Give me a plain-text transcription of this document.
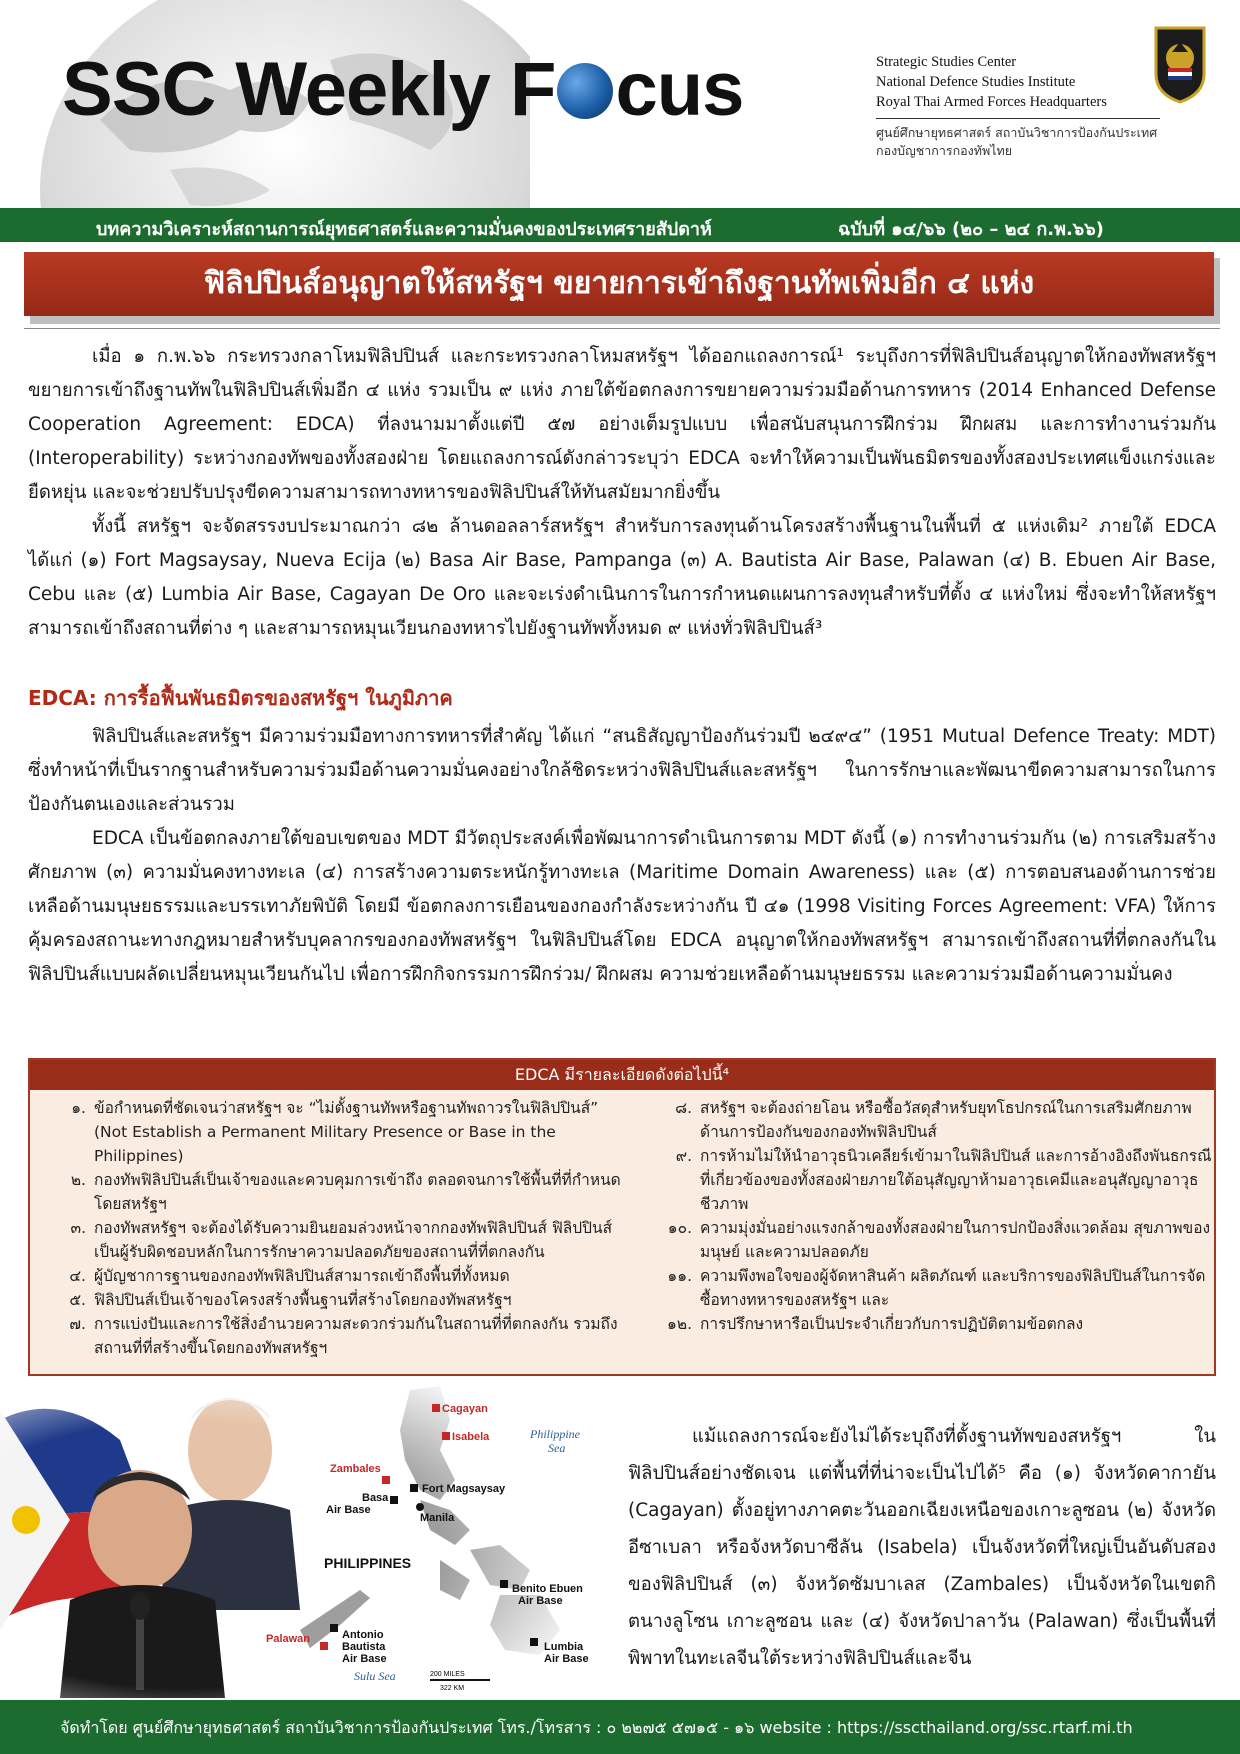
SSC Weekly F cus	Strategic Studies Center
National Defence Studies Institute
Royal Thai Armed Forces Headquarters
ศูนย์ศึกษายุทธศาสตร์ สถาบันวิชาการป้องกันประเทศ
กองบัญชาการกองทัพไทย
บทความวิเคราะห์สถานการณ์ยุทธศาสตร์และความมั่นคงของประเทศรายสัปดาห์	ฉบับที่ ๑๔/๖๖ (๒๐ – ๒๔ ก.พ.๖๖)
ฟิลิปปินส์อนุญาตให้สหรัฐฯ ขยายการเข้าถึงฐานทัพเพิ่มอีก ๔ แห่ง
เมื่อ ๑ ก.พ.๖๖ กระทรวงกลาโหมฟิลิปปินส์ และกระทรวงกลาโหมสหรัฐฯ ได้ออกแถลงการณ์¹ ระบุถึงการที่ฟิลิปปินส์อนุญาตให้กองทัพสหรัฐฯ ขยายการเข้าถึงฐานทัพในฟิลิปปินส์เพิ่มอีก ๔ แห่ง รวมเป็น ๙ แห่ง ภายใต้ข้อตกลงการขยายความร่วมมือด้านการทหาร (2014 Enhanced Defense Cooperation Agreement: EDCA) ที่ลงนามมาตั้งแต่ปี ๕๗ อย่างเต็มรูปแบบ เพื่อสนับสนุนการฝึกร่วม ฝึกผสม และการทำงานร่วมกัน (Interoperability) ระหว่างกองทัพของทั้งสองฝ่าย โดยแถลงการณ์ดังกล่าวระบุว่า EDCA จะทำให้ความเป็นพันธมิตรของทั้งสองประเทศแข็งแกร่งและยืดหยุ่น และจะช่วยปรับปรุงขีดความสามารถทางทหารของฟิลิปปินส์ให้ทันสมัยมากยิ่งขึ้น
ทั้งนี้ สหรัฐฯ จะจัดสรรงบประมาณกว่า ๘๒ ล้านดอลลาร์สหรัฐฯ สำหรับการลงทุนด้านโครงสร้างพื้นฐานในพื้นที่ ๕ แห่งเดิม² ภายใต้ EDCA ได้แก่ (๑) Fort Magsaysay, Nueva Ecija (๒) Basa Air Base, Pampanga (๓) A. Bautista Air Base, Palawan (๔) B. Ebuen Air Base, Cebu และ (๕) Lumbia Air Base, Cagayan De Oro และจะเร่งดำเนินการในการกำหนดแผนการลงทุนสำหรับที่ตั้ง ๔ แห่งใหม่ ซึ่งจะทำให้สหรัฐฯ สามารถเข้าถึงสถานที่ต่าง ๆ และสามารถหมุนเวียนกองทหารไปยังฐานทัพทั้งหมด ๙ แห่งทั่วฟิลิปปินส์³
EDCA: การรื้อฟื้นพันธมิตรของสหรัฐฯ ในภูมิภาค
ฟิลิปปินส์และสหรัฐฯ มีความร่วมมือทางการทหารที่สำคัญ ได้แก่ “สนธิสัญญาป้องกันร่วมปี ๒๔๙๔” (1951 Mutual Defence Treaty: MDT) ซึ่งทำหน้าที่เป็นรากฐานสำหรับความร่วมมือด้านความมั่นคงอย่างใกล้ชิดระหว่างฟิลิปปินส์และสหรัฐฯ ในการรักษาและพัฒนาขีดความสามารถในการป้องกันตนเองและส่วนรวม
EDCA เป็นข้อตกลงภายใต้ขอบเขตของ MDT มีวัตถุประสงค์เพื่อพัฒนาการดำเนินการตาม MDT ดังนี้ (๑) การทำงานร่วมกัน (๒) การเสริมสร้างศักยภาพ (๓) ความมั่นคงทางทะเล (๔) การสร้างความตระหนักรู้ทางทะเล (Maritime Domain Awareness) และ (๕) การตอบสนองด้านการช่วยเหลือด้านมนุษยธรรมและบรรเทาภัยพิบัติ โดยมี ข้อตกลงการเยือนของกองกำลังระหว่างกัน ปี ๔๑ (1998 Visiting Forces Agreement: VFA) ให้การคุ้มครองสถานะทางกฎหมายสำหรับบุคลากรของกองทัพสหรัฐฯ ในฟิลิปปินส์โดย EDCA อนุญาตให้กองทัพสหรัฐฯ สามารถเข้าถึงสถานที่ที่ตกลงกันในฟิลิปปินส์แบบผลัดเปลี่ยนหมุนเวียนกันไป เพื่อการฝึกกิจกรรมการฝึกร่วม/ ฝึกผสม ความช่วยเหลือด้านมนุษยธรรม และความร่วมมือด้านความมั่นคง
EDCA มีรายละเอียดดังต่อไปนี้⁴
๑. ข้อกำหนดที่ชัดเจนว่าสหรัฐฯ จะ “ไม่ตั้งฐานทัพหรือฐานทัพถาวรในฟิลิปปินส์” (Not Establish a Permanent Military Presence or Base in the Philippines)
๒. กองทัพฟิลิปปินส์เป็นเจ้าของและควบคุมการเข้าถึง ตลอดจนการใช้พื้นที่ที่กำหนดโดยสหรัฐฯ
๓. กองทัพสหรัฐฯ จะต้องได้รับความยินยอมล่วงหน้าจากกองทัพฟิลิปปินส์ ฟิลิปปินส์เป็นผู้รับผิดชอบหลักในการรักษาความปลอดภัยของสถานที่ที่ตกลงกัน
๔. ผู้บัญชาการฐานของกองทัพฟิลิปปินส์สามารถเข้าถึงพื้นที่ทั้งหมด
๕. ฟิลิปปินส์เป็นเจ้าของโครงสร้างพื้นฐานที่สร้างโดยกองทัพสหรัฐฯ
๗. การแบ่งปันและการใช้สิ่งอำนวยความสะดวกร่วมกันในสถานที่ที่ตกลงกัน รวมถึงสถานที่ที่สร้างขึ้นโดยกองทัพสหรัฐฯ
๘. สหรัฐฯ จะต้องถ่ายโอน หรือซื้อวัสดุสำหรับยุทโธปกรณ์ในการเสริมศักยภาพด้านการป้องกันของกองทัพฟิลิปปินส์
๙. การห้ามไม่ให้นำอาวุธนิวเคลียร์เข้ามาในฟิลิปปินส์ และการอ้างอิงถึงพันธกรณีที่เกี่ยวข้องของทั้งสองฝ่ายภายใต้อนุสัญญาห้ามอาวุธเคมีและอนุสัญญาอาวุธชีวภาพ
๑๐. ความมุ่งมั่นอย่างแรงกล้าของทั้งสองฝ่ายในการปกป้องสิ่งแวดล้อม สุขภาพของมนุษย์ และความปลอดภัย
๑๑. ความพึงพอใจของผู้จัดหาสินค้า ผลิตภัณฑ์ และบริการของฟิลิปปินส์ในการจัดซื้อทางทหารของสหรัฐฯ และ
๑๒. การปรึกษาหารือเป็นประจำเกี่ยวกับการปฏิบัติตามข้อตกลง
Cagayan
Isabela
Zambales
Palawan
Fort Magsaysay
Basa
Air Base
Manila
PHILIPPINES
Benito Ebuen
Air Base
Antonio
Bautista
Air Base
Lumbia
Air Base
Philippine
Sea
Sulu Sea	200 MILES
322 KM
แม้แถลงการณ์จะยังไม่ได้ระบุถึงที่ตั้งฐานทัพของสหรัฐฯ ในฟิลิปปินส์อย่างชัดเจน แต่พื้นที่ที่น่าจะเป็นไปได้⁵ คือ (๑) จังหวัดคากายัน (Cagayan) ตั้งอยู่ทางภาคตะวันออกเฉียงเหนือของเกาะลูซอน (๒) จังหวัดอีซาเบลา หรือจังหวัดบาซีลัน (Isabela) เป็นจังหวัดที่ใหญ่เป็นอันดับสองของฟิลิปปินส์ (๓) จังหวัดซัมบาเลส (Zambales) เป็นจังหวัดในเขตกิตนางลูโซน เกาะลูซอน และ (๔) จังหวัดปาลาวัน (Palawan) ซึ่งเป็นพื้นที่พิพาทในทะเลจีนใต้ระหว่างฟิลิปปินส์และจีน
จัดทำโดย ศูนย์ศึกษายุทธศาสตร์ สถาบันวิชาการป้องกันประเทศ โทร./โทรสาร : ๐ ๒๒๗๕ ๕๗๑๕ - ๑๖ website : https://sscthailand.org/ssc.rtarf.mi.th
